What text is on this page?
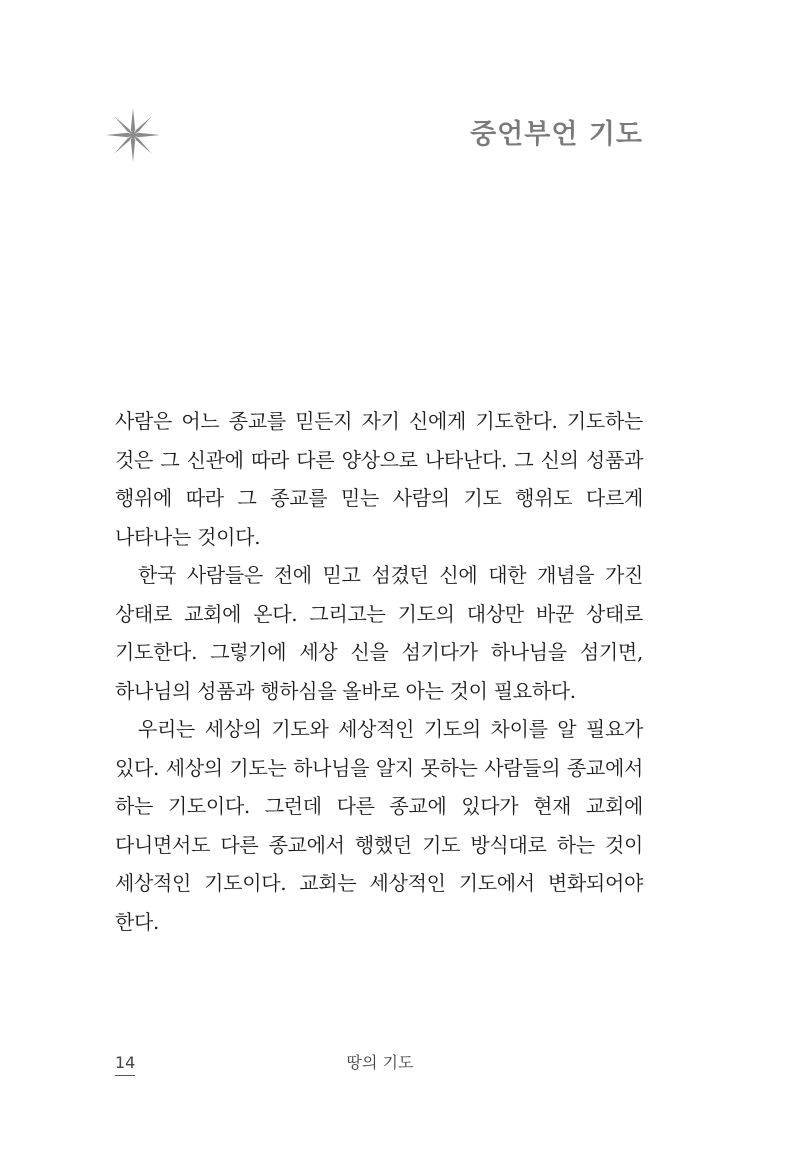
중언부언 기도

사람은 어느 종교를 믿든지 자기 신에게 기도한다. 기도하는 것은 그 신관에 따라 다른 양상으로 나타난다. 그 신의 성품과 행위에 따라 그 종교를 믿는 사람의 기도 행위도 다르게 나타나는 것이다.

한국 사람들은 전에 믿고 섬겼던 신에 대한 개념을 가진 상태로 교회에 온다. 그리고는 기도의 대상만 바꾼 상태로 기도한다. 그렇기에 세상 신을 섬기다가 하나님을 섬기면, 하나님의 성품과 행하심을 올바로 아는 것이 필요하다.

우리는 세상의 기도와 세상적인 기도의 차이를 알 필요가 있다. 세상의 기도는 하나님을 알지 못하는 사람들의 종교에서 하는 기도이다. 그런데 다른 종교에 있다가 현재 교회에 다니면서도 다른 종교에서 행했던 기도 방식대로 하는 것이 세상적인 기도이다. 교회는 세상적인 기도에서 변화되어야 한다.

14	땅의 기도
